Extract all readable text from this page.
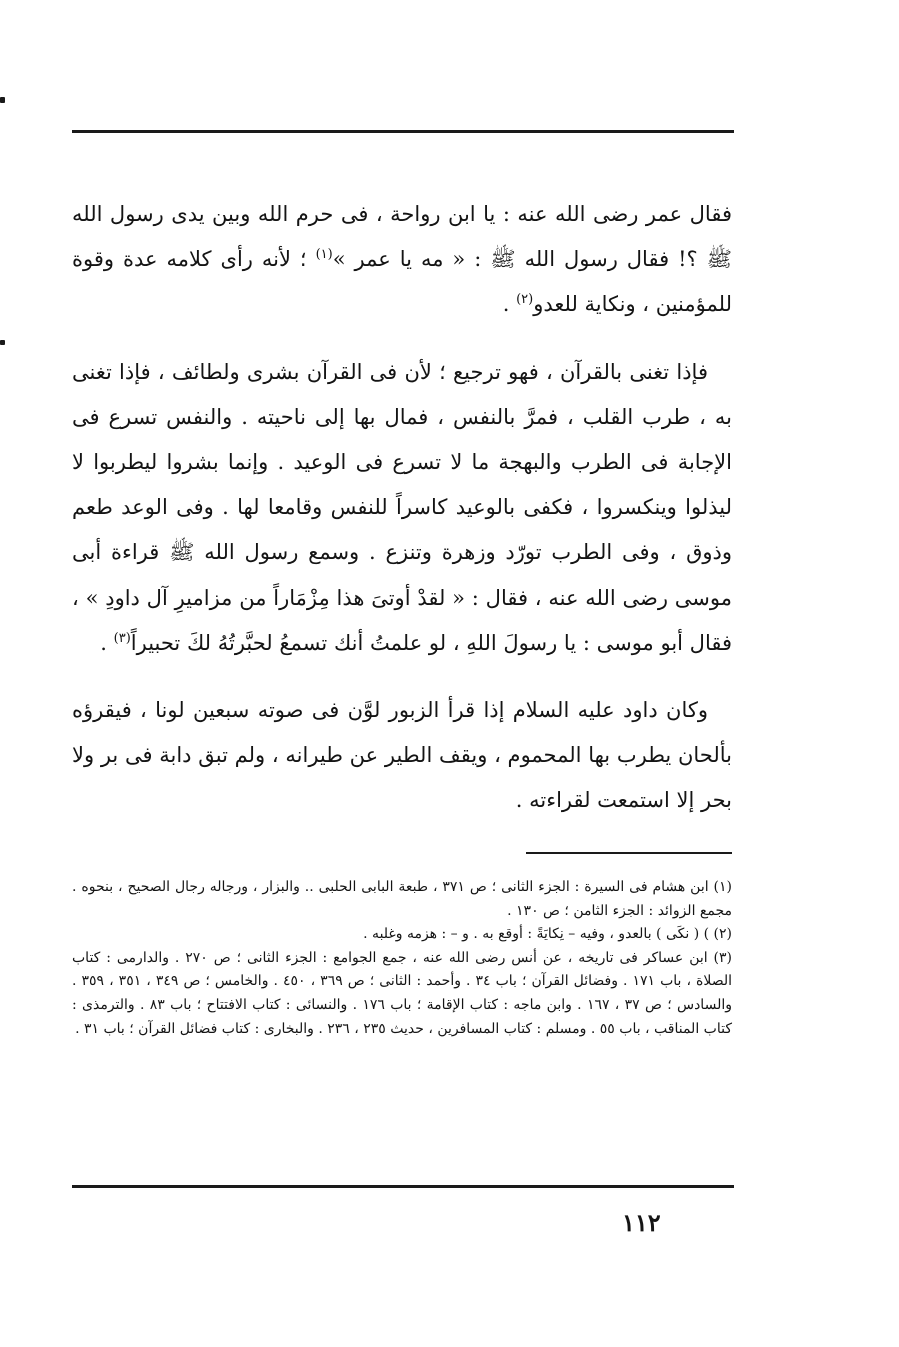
فقال عمر رضى الله عنه : يا ابن رواحة ، فى حرم الله وبين يدى رسول الله ﷺ ؟! فقال رسول الله ﷺ : « مه يا عمر »$^{(١)}$ ؛ لأنه رأى كلامه عدة وقوة للمؤمنين ، ونكاية للعدو$^{(٢)}$ .

فإذا تغنى بالقرآن ، فهو ترجيع ؛ لأن فى القرآن بشرى ولطائف ، فإذا تغنى به ، طرب القلب ، فمرَّ بالنفس ، فمال بها إلى ناحيته . والنفس تسرع فى الإجابة فى الطرب والبهجة ما لا تسرع فى الوعيد . وإنما بشروا ليطربوا لا ليذلوا وينكسروا ، فكفى بالوعيد كاسراً للنفس وقامعا لها . وفى الوعد طعم وذوق ، وفى الطرب تورّد وزهرة وتنزع . وسمع رسول الله ﷺ قراءة أبى موسى رضى الله عنه ، فقال : « لقدْ أوتىَ هذا مِزْمَاراً من مزاميرِ آل داودِ » ، فقال أبو موسى : يا رسولَ اللهِ ، لو علمتُ أنك تسمعُ لحبَّرتُهُ لكَ تحبيراً$^{(٣)}$ .

وكان داود عليه السلام إذا قرأ الزبور لوَّن فى صوته سبعين لونا ، فيقرؤه بألحان يطرب بها المحموم ، ويقف الطير عن طيرانه ، ولم تبق دابة فى بر ولا بحر إلا استمعت لقراءته .

(١) ابن هشام فى السيرة : الجزء الثانى ؛ ص ٣٧١ ، طبعة البابى الحلبى .. والبزار ، ورجاله رجال الصحيح ، بنحوه . مجمع الزوائد : الجزء الثامن ؛ ص ١٣٠ .

(٢) ) ( نكَى ) بالعدو ، وفيه – نِكايَةً : أوقع به . و – : هزمه وغلبه .

(٣) ابن عساكر فى تاريخه ، عن أنس رضى الله عنه ، جمع الجوامع : الجزء الثانى ؛ ص ٢٧٠ . والدارمى : كتاب الصلاة ، باب ١٧١ . وفضائل القرآن ؛ باب ٣٤ . وأحمد : الثانى ؛ ص ٣٦٩ ، ٤٥٠ . والخامس ؛ ص ٣٤٩ ، ٣٥١ ، ٣٥٩ . والسادس ؛ ص ٣٧ ، ١٦٧ . وابن ماجه : كتاب الإقامة ؛ باب ١٧٦ . والنسائى : كتاب الافتتاح ؛ باب ٨٣ . والترمذى : كتاب المناقب ، باب ٥٥ . ومسلم : كتاب المسافرين ، حديث ٢٣٥ ، ٢٣٦ . والبخارى : كتاب فضائل القرآن ؛ باب ٣١ .

١١٢
